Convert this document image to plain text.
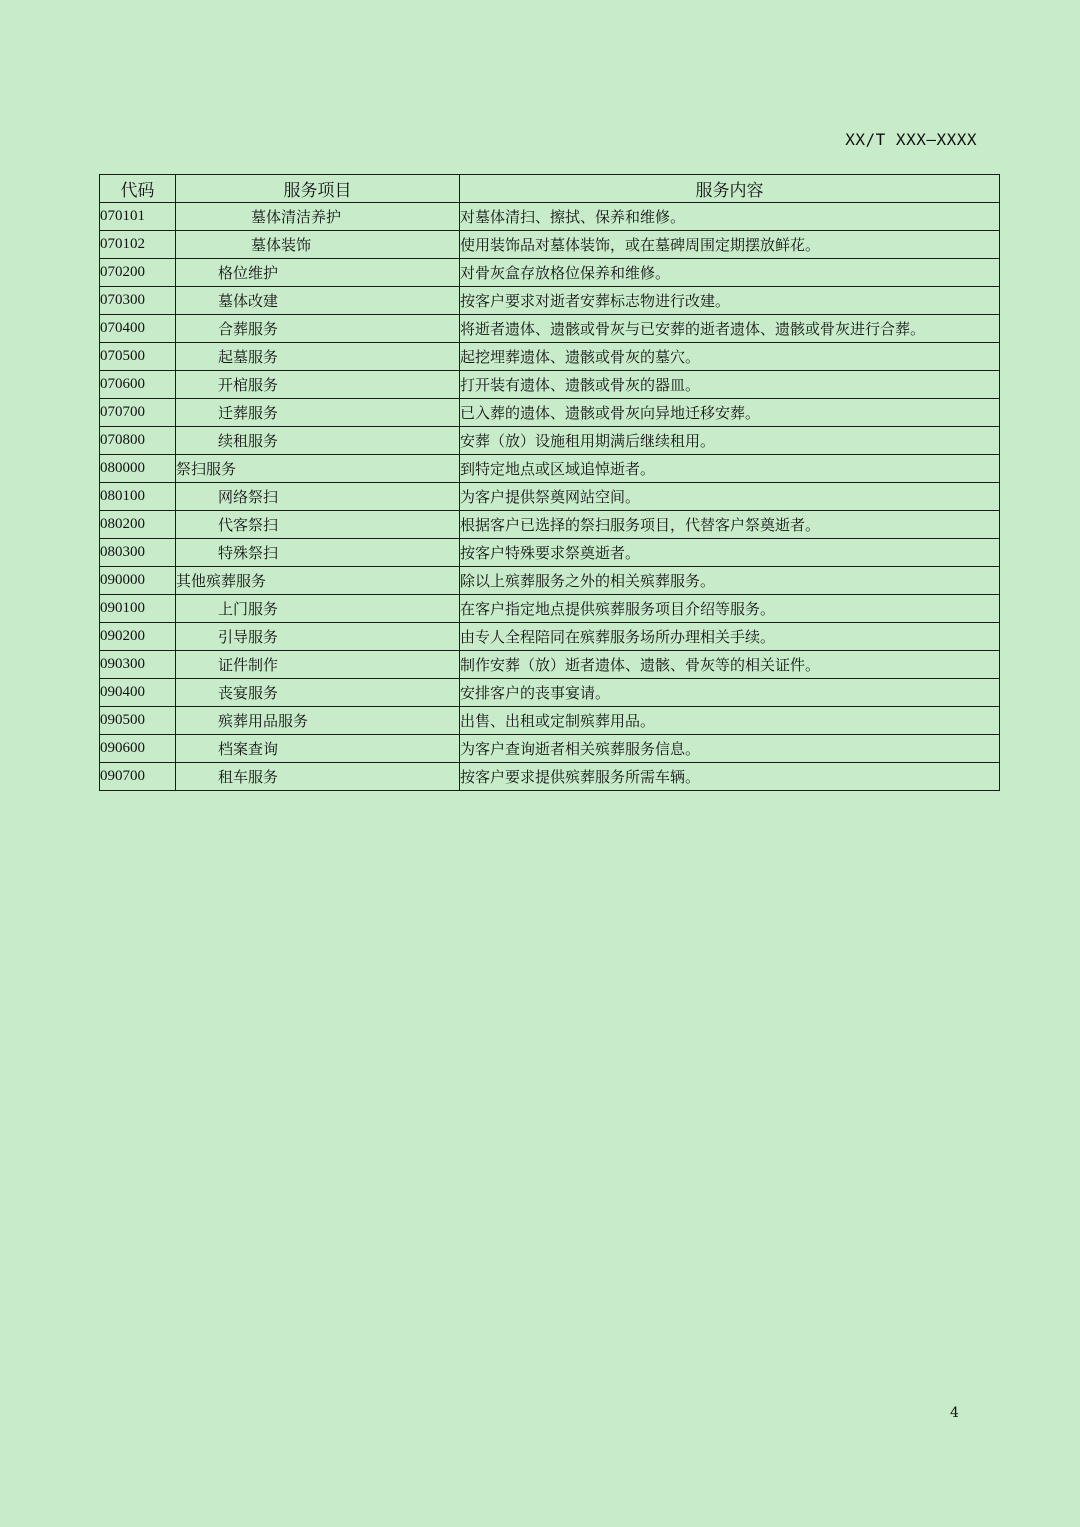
XX/T XXX—XXXX
代码	服务项目	服务内容
070101	墓体清洁养护	对墓体清扫、擦拭、保养和维修。
070102	墓体装饰	使用装饰品对墓体装饰，或在墓碑周围定期摆放鲜花。
070200	格位维护	对骨灰盒存放格位保养和维修。
070300	墓体改建	按客户要求对逝者安葬标志物进行改建。
070400	合葬服务	将逝者遗体、遗骸或骨灰与已安葬的逝者遗体、遗骸或骨灰进行合葬。
070500	起墓服务	起挖埋葬遗体、遗骸或骨灰的墓穴。
070600	开棺服务	打开装有遗体、遗骸或骨灰的器皿。
070700	迁葬服务	已入葬的遗体、遗骸或骨灰向异地迁移安葬。
070800	续租服务	安葬（放）设施租用期满后继续租用。
080000	祭扫服务	到特定地点或区域追悼逝者。
080100	网络祭扫	为客户提供祭奠网站空间。
080200	代客祭扫	根据客户已选择的祭扫服务项目，代替客户祭奠逝者。
080300	特殊祭扫	按客户特殊要求祭奠逝者。
090000	其他殡葬服务	除以上殡葬服务之外的相关殡葬服务。
090100	上门服务	在客户指定地点提供殡葬服务项目介绍等服务。
090200	引导服务	由专人全程陪同在殡葬服务场所办理相关手续。
090300	证件制作	制作安葬（放）逝者遗体、遗骸、骨灰等的相关证件。
090400	丧宴服务	安排客户的丧事宴请。
090500	殡葬用品服务	出售、出租或定制殡葬用品。
090600	档案查询	为客户查询逝者相关殡葬服务信息。
090700	租车服务	按客户要求提供殡葬服务所需车辆。
4
